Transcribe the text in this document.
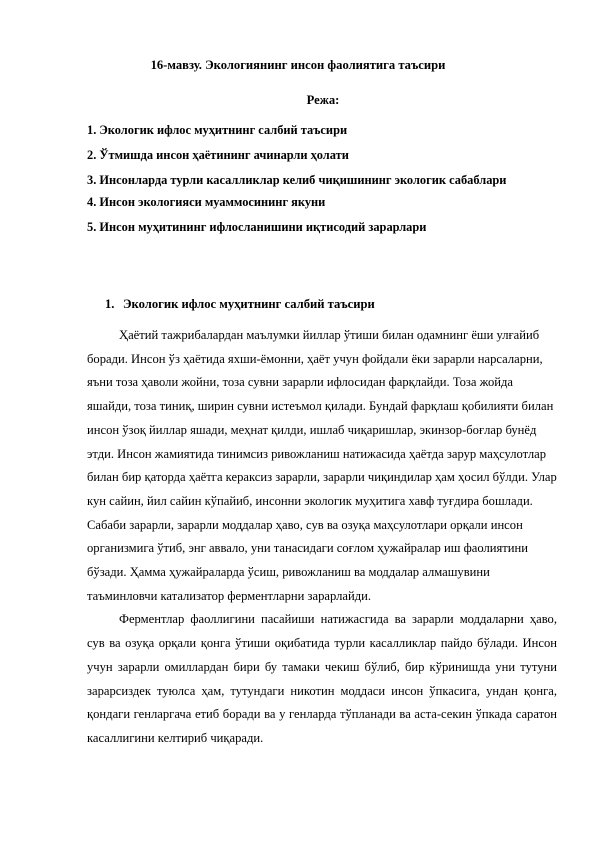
16-мавзу. Экологиянинг инсон фаолиятига таъсири
Режа:
1. Экологик ифлос муҳитнинг салбий таъсири
2. Ўтмишда инсон ҳаётининг ачинарли ҳолати
3. Инсонларда турли касалликлар келиб чиқишининг экологик сабаблари
4. Инсон экологияси муаммосининг якуни
5. Инсон муҳитининг ифлосланишини иқтисодий зарарлари
1. Экологик ифлос муҳитнинг салбий таъсири

Ҳаётий тажрибалардан маълумки йиллар ўтиши билан одамнинг ёши улғайиб боради. Инсон ўз ҳаётида яхши-ёмонни, ҳаёт учун фойдали ёки зарарли нарсаларни, яъни тоза ҳаволи жойни, тоза сувни зарарли ифлосидан фарқлайди. Тоза жойда яшайди, тоза тиниқ, ширин сувни истеъмол қилади. Бундай фарқлаш қобилияти билан инсон ўзоқ йиллар яшади, меҳнат қилди, ишлаб чиқаришлар, экинзор-боғлар бунёд этди. Инсон жамиятида тинимсиз ривожланиш натижасида ҳаётда зарур маҳсулотлар билан бир қаторда ҳаётга кераксиз зарарли, зарарли чиқиндилар ҳам ҳосил бўлди. Улар кун сайин, йил сайин кўпайиб, инсонни экологик муҳитига хавф туғдира бошлади. Сабаби зарарли, зарарли моддалар ҳаво, сув ва озуқа маҳсулотлари орқали инсон организмига ўтиб, энг аввало, уни танасидаги соғлом ҳужайралар иш фаолиятини бўзади. Ҳамма ҳужайраларда ўсиш, ривожланиш ва моддалар алмашувини таъминловчи катализатор ферментларни зарарлайди.

Ферментлар фаоллигини пасайиши натижасгида ва зарарли моддаларни ҳаво, сув ва озуқа орқали қонга ўтиши оқибатида турли касалликлар пайдо бўлади. Инсон учун зарарли омиллардан бири бу тамаки чекиш бўлиб, бир кўринишда уни тутуни зарарсиздек туюлса ҳам, тутундаги никотин моддаси инсон ўпкасига, ундан қонга, қондаги генларгача етиб боради ва у генларда тўпланади ва аста-секин ўпкада саратон касаллигини келтириб чиқаради.
